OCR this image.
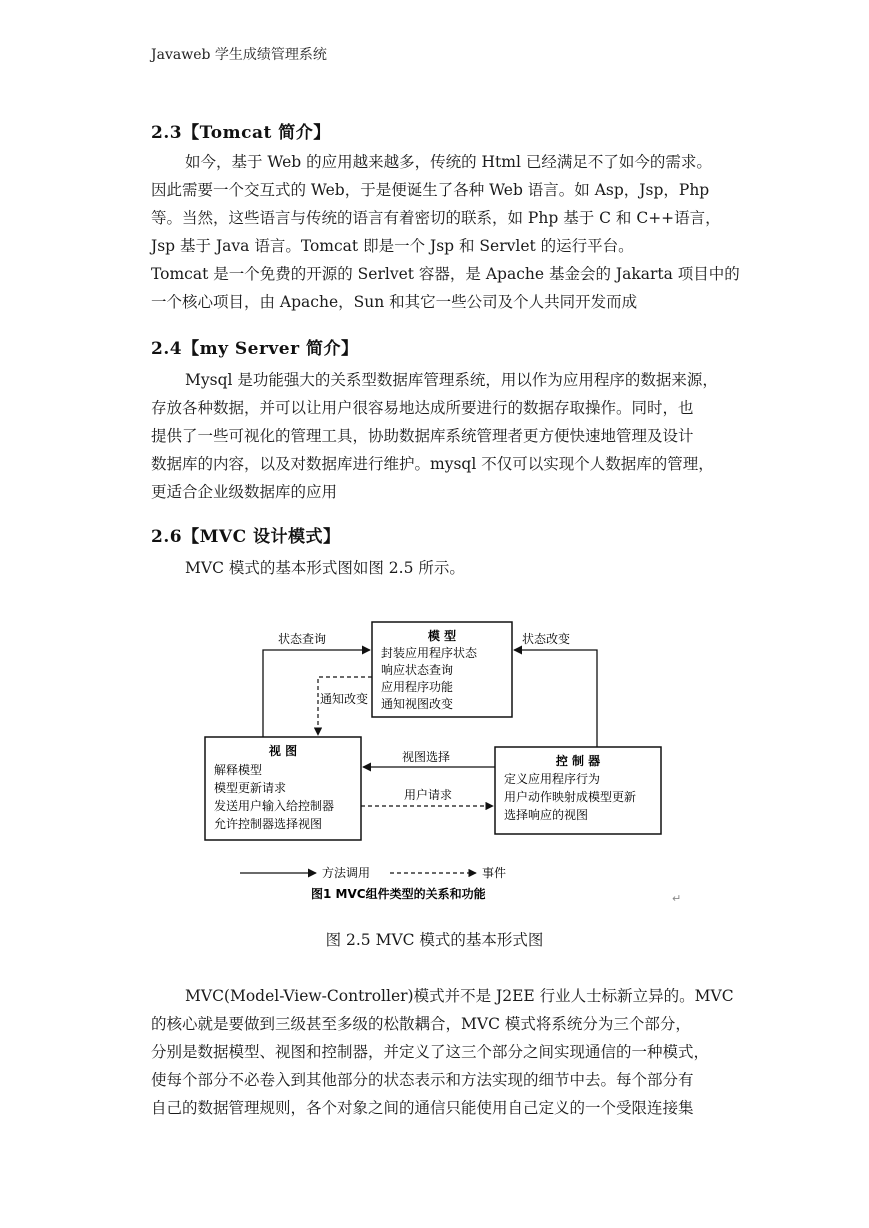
Javaweb 学生成绩管理系统
2.3【Tomcat 简介】
如今，基于 Web 的应用越来越多，传统的 Html 已经满足不了如今的需求。
因此需要一个交互式的 Web，于是便诞生了各种 Web 语言。如 Asp，Jsp，Php
等。当然，这些语言与传统的语言有着密切的联系，如 Php 基于 C 和 C++语言，
Jsp 基于 Java 语言。Tomcat 即是一个 Jsp 和 Servlet 的运行平台。
Tomcat 是一个免费的开源的 Serlvet 容器，是 Apache 基金会的 Jakarta 项目中的
一个核心项目，由 Apache，Sun 和其它一些公司及个人共同开发而成
2.4【my Server 简介】
Mysql 是功能强大的关系型数据库管理系统，用以作为应用程序的数据来源，
存放各种数据，并可以让用户很容易地达成所要进行的数据存取操作。同时，也
提供了一些可视化的管理工具，协助数据库系统管理者更方便快速地管理及设计
数据库的内容，以及对数据库进行维护。mysql 不仅可以实现个人数据库的管理，
更适合企业级数据库的应用
2.6【MVC 设计模式】
MVC 模式的基本形式图如图 2.5 所示。
模 型
封装应用程序状态
响应状态查询
应用程序功能
通知视图改变
视 图
解释模型
模型更新请求
发送用户输入给控制器
允许控制器选择视图
控 制 器
定义应用程序行为
用户动作映射成模型更新
选择响应的视图
状态查询	状态改变
通知改变
视图选择
用户请求
方法调用	事件
图1 MVC组件类型的关系和功能	↵
图 2.5 MVC 模式的基本形式图
MVC(Model-View-Controller)模式并不是 J2EE 行业人士标新立异的。MVC
的核心就是要做到三级甚至多级的松散耦合，MVC 模式将系统分为三个部分，
分别是数据模型、视图和控制器，并定义了这三个部分之间实现通信的一种模式，
使每个部分不必卷入到其他部分的状态表示和方法实现的细节中去。每个部分有
自己的数据管理规则，各个对象之间的通信只能使用自己定义的一个受限连接集
